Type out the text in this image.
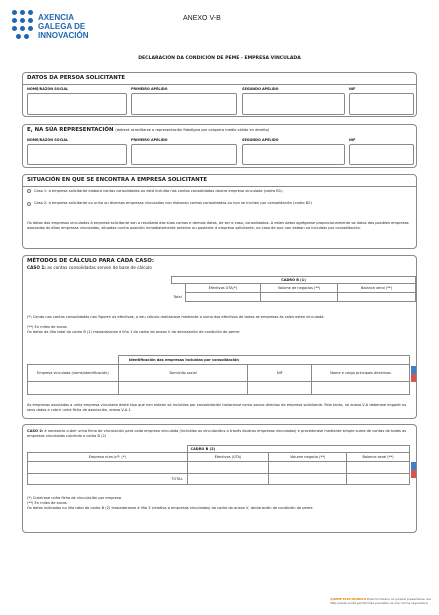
AXENCIA
GALEGA DE
INNOVACIÓN
ANEXO V-B
DECLARACIÓN DA CONDICIÓN DE PEME - EMPRESA VINCULADA
DATOS DA PERSOA SOLICITANTE
NOME/RAZÓN SOCIAL	PRIMEIRO APELIDO	SEGUNDO APELIDO	NIF
E, NA SÚA REPRESENTACIÓN (deberá acreditarse a representación fidedigna por calquera medio válido en dereito)
NOME/RAZÓN SOCIAL	PRIMEIRO APELIDO	SEGUNDO APELIDO	NIF
SITUACIÓN EN QUE SE ENCONTRA A EMPRESA SOLICITANTE
Caso 1: a empresa solicitante elabora contas consolidadas ou está incluída nas contas consolidadas doutra empresa vinculada (cadro B1).
Caso 2: a empresa solicitante ou unha ou diversas empresas vinculadas non elaboran contas consolidadas ou non se inclúen por consolidación (cadro B2)
Os datos das empresas vinculadas á empresa solicitante son o resultado das súas contas e demais datos, de ser o caso, consolidados. A estes datos agréganse proporcionalmente os datos das posibles empresas asociadas ás ditas empresas vinculadas, situadas nunha posición inmediatamente anterior ou posterior á empresa solicitante, no caso de que non estean xa incluídas por consolidación.
MÉTODOS DE CÁLCULO PARA CADA CASO:
CASO 1: as contas consolidadas serven de base de cálculo
CADRO B (1)			
	Efectivos UTA(*)	Volume de negocios (**)	Balance xeral (**)
Total			
(*) Cando nas contas consolidadas non figuren os efectivos, o seu cálculo realizarase mediante a suma dos efectivos de todas as empresas ás cales estea vinculada.
(**) En miles de euros.
Os datos da liña total do cadro B (1) trasladaranse á liña 1 do cadro do anexo V da declaración de condición de peme:
	Identificación das empresas incluídas por consolidación		
Empresa vinculada (nome/identificación)	Domicilio social	NIF	Nome e cargo principais directivos

As empresas asociadas a unha empresa vinculada deste tipo que non estean xa incluídas por consolidación trataranse como socios directos da empresa solicitante. Polo tanto, no anexo V-A deberase engadir os seus datos e cubrir unha ficha de asociación, anexo V-A-1
CASO 2: é necesario cubrir unha ficha de vinculación para cada empresa vinculada (incluídas as vinculacións a través doutras empresas vinculadas) e procederase mediante simple suma de contas de todas as empresas vinculadas cubrindo o cadro B (2)
	CADRO B (2)		
Empresa núm./nº: (*)	Efectivos (UTA)	Volume negocio (**)	Balance xeral (**)

TOTAL			
(*) Cubrirase unha ficha de vinculación por empresa
(**) En miles de euros.
Os datos indicados na liña total do cadro B (2) trasladaranse á liña 3 (relativa a empresas vinculadas) do cadro do anexo V, declaración de condición de peme.
@SEDE ELECTRÓNICA Este formulario só poderá presentarse nos
http://sede.xunta.gal Normas previstas na súa norma reguladora.
